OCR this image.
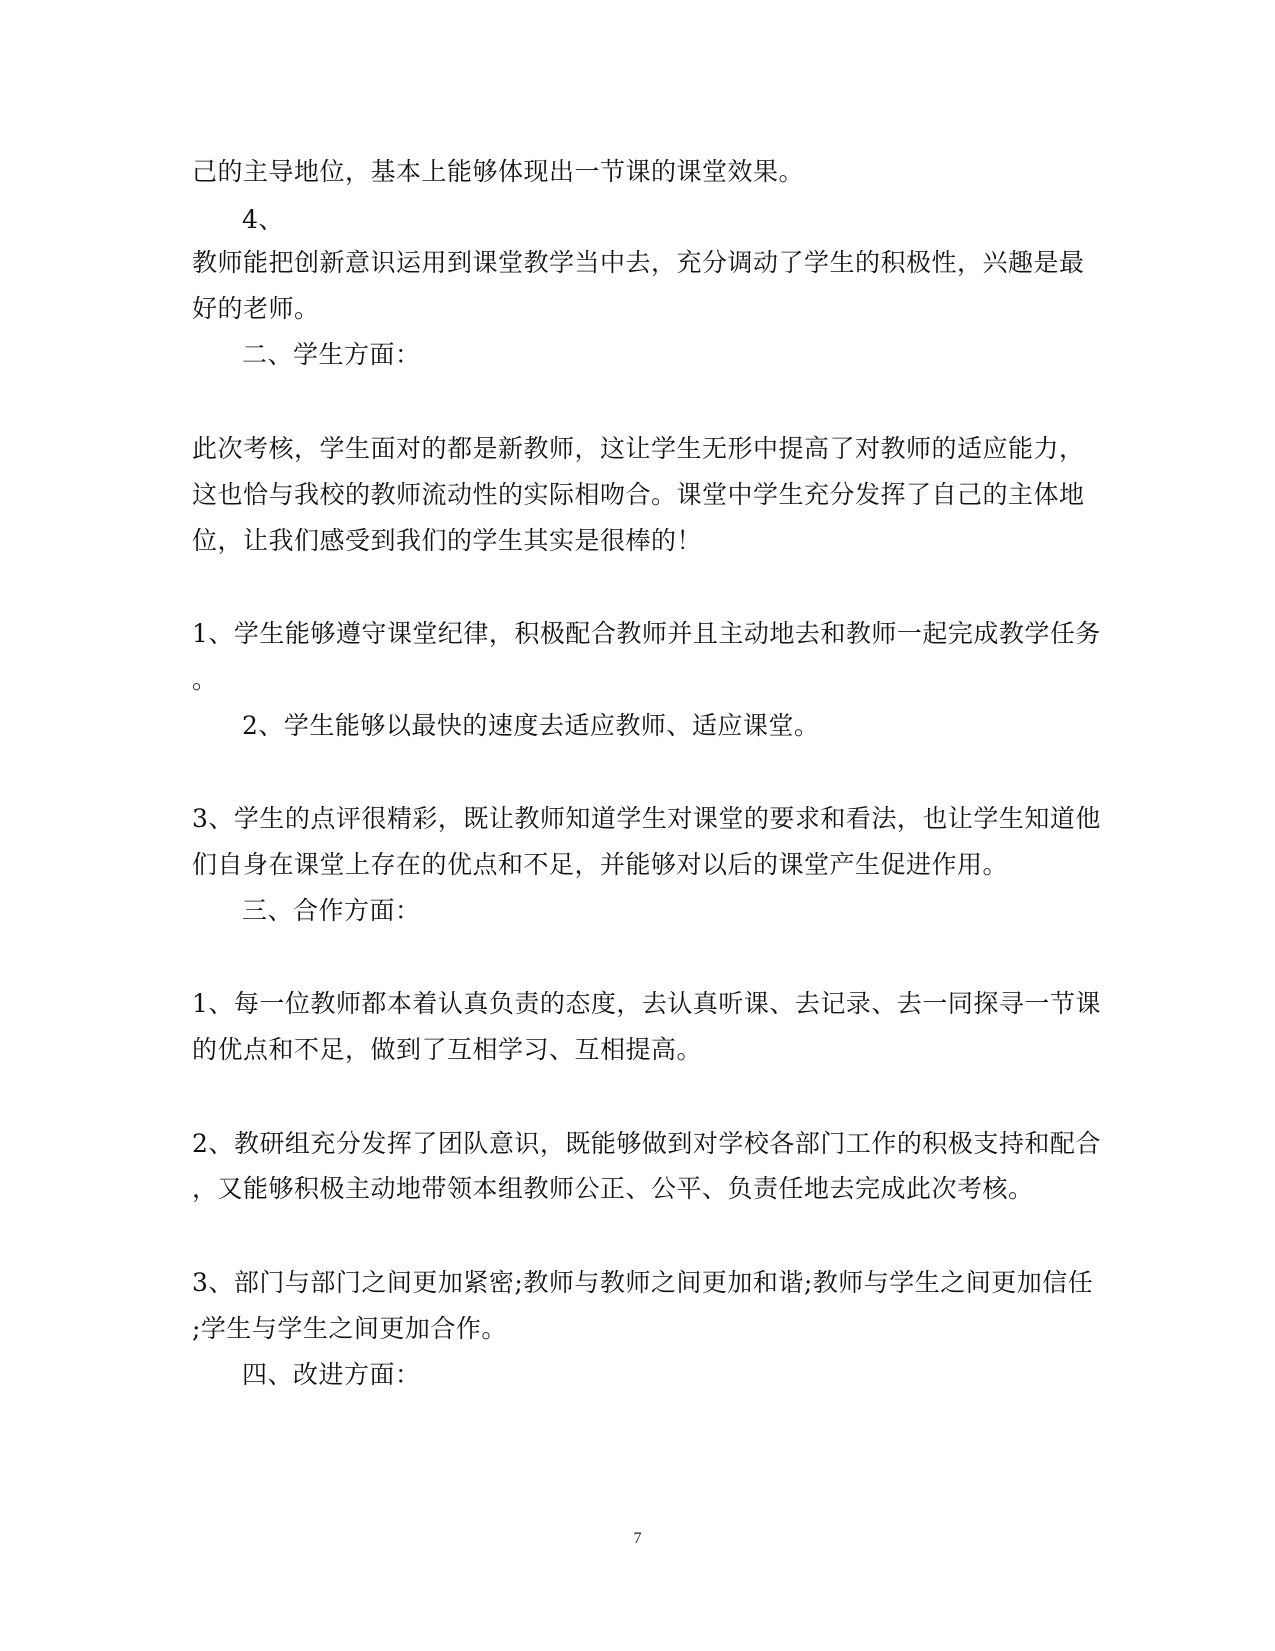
己的主导地位，基本上能够体现出一节课的课堂效果。
4、
教师能把创新意识运用到课堂教学当中去，充分调动了学生的积极性，兴趣是最
好的老师。
二、学生方面：
此次考核，学生面对的都是新教师，这让学生无形中提高了对教师的适应能力，
这也恰与我校的教师流动性的实际相吻合。课堂中学生充分发挥了自己的主体地
位，让我们感受到我们的学生其实是很棒的！
1、学生能够遵守课堂纪律，积极配合教师并且主动地去和教师一起完成教学任务
。
2、学生能够以最快的速度去适应教师、适应课堂。
3、学生的点评很精彩，既让教师知道学生对课堂的要求和看法，也让学生知道他
们自身在课堂上存在的优点和不足，并能够对以后的课堂产生促进作用。
三、合作方面：
1、每一位教师都本着认真负责的态度，去认真听课、去记录、去一同探寻一节课
的优点和不足，做到了互相学习、互相提高。
2、教研组充分发挥了团队意识，既能够做到对学校各部门工作的积极支持和配合
，又能够积极主动地带领本组教师公正、公平、负责任地去完成此次考核。
3、部门与部门之间更加紧密;教师与教师之间更加和谐;教师与学生之间更加信任
;学生与学生之间更加合作。
四、改进方面：
7
